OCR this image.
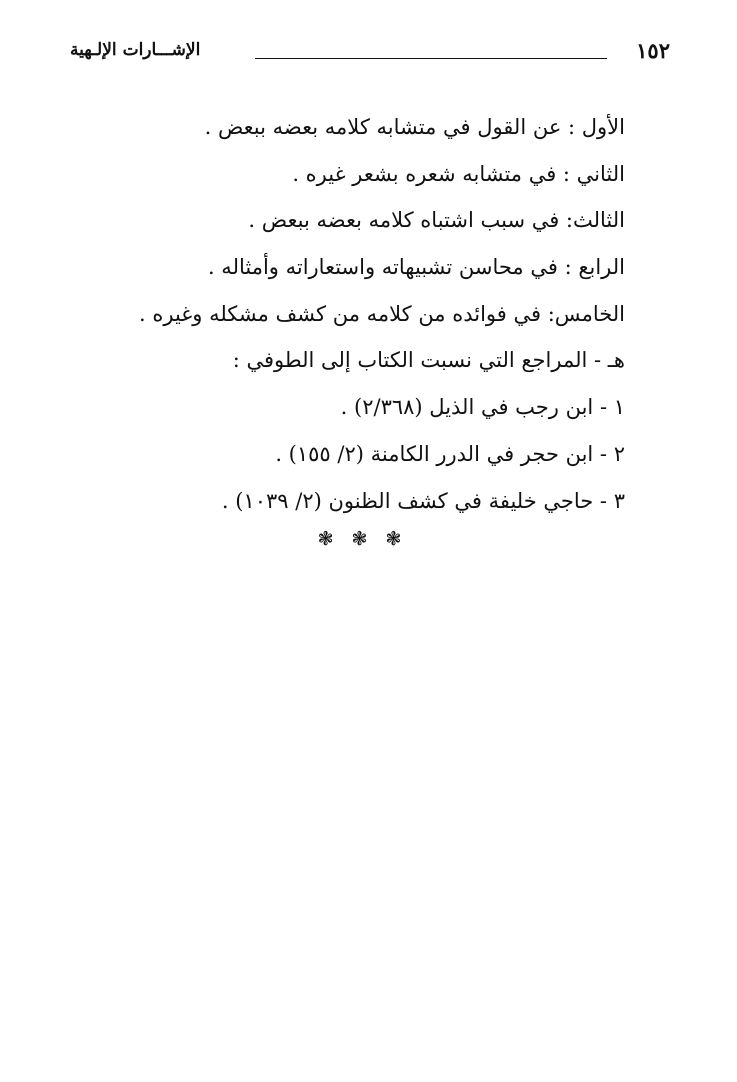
١٥٢
الإشـــارات الإلـهية
الأول : عن القول في متشابه كلامه بعضه ببعض .
الثاني : في متشابه شعره بشعر غيره .
الثالث: في سبب اشتباه كلامه بعضه ببعض .
الرابع : في محاسن تشبيهاته واستعاراته وأمثاله .
الخامس: في فوائده من كلامه من كشف مشكله وغيره .
هـ - المراجع التي نسبت الكتاب إلى الطوفي :
١ - ابن رجب في الذيل (٢/٣٦٨) .
٢ - ابن حجر في الدرر الكامنة (٢/ ١٥٥) .
٣ - حاجي خليفة في كشف الظنون (٢/ ١٠٣٩) .
❃ ❃ ❃
